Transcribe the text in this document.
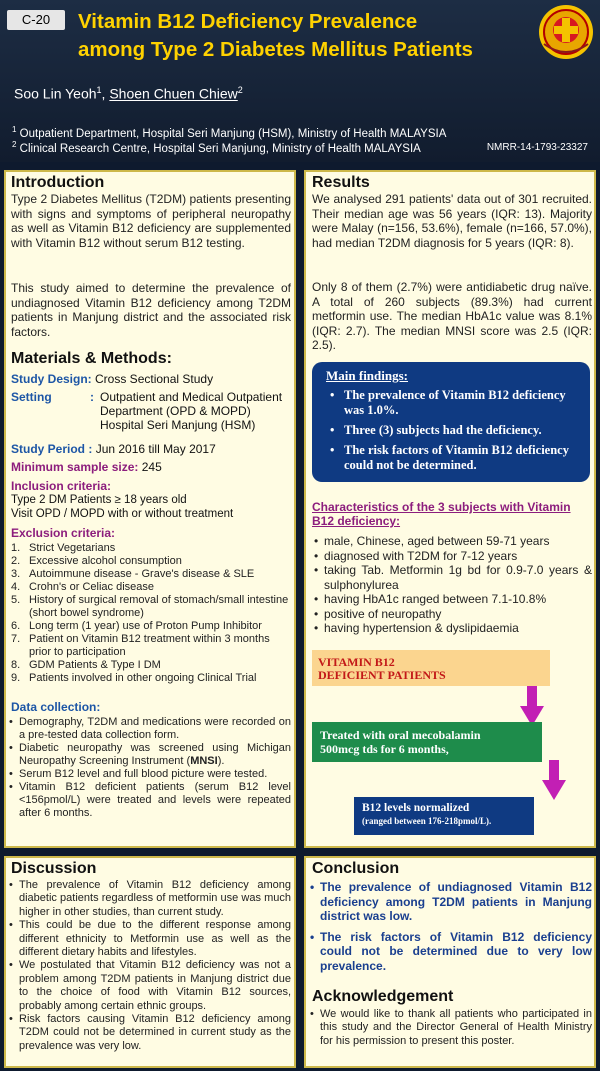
C-20	Vitamin B12 Deficiency Prevalence
among Type 2 Diabetes Mellitus Patients
Soo Lin Yeoh$^1$, Shoen Chuen Chiew$^2$
$^1$ Outpatient Department, Hospital Seri Manjung (HSM), Ministry of Health MALAYSIA
$^2$ Clinical Research Centre, Hospital Seri Manjung, Ministry of Health MALAYSIA	NMRR-14-1793-23327
Introduction
Type 2 Diabetes Mellitus (T2DM) patients presenting with signs and symptoms of peripheral neuropathy as well as Vitamin B12 deficiency are supplemented with Vitamin B12 without serum B12 testing.
This study aimed to determine the prevalence of undiagnosed Vitamin B12 deficiency among T2DM patients in Manjung district and the associated risk factors.
Materials & Methods:
Study Design: Cross Sectional Study
Setting	: Outpatient and Medical Outpatient
Department (OPD & MOPD)
Hospital Seri Manjung (HSM)
Study Period : Jun 2016 till May 2017
Minimum sample size: 245
Inclusion criteria:
Type 2 DM Patients ≥ 18 years old
Visit OPD / MOPD with or without treatment
Exclusion criteria:
1. Strict Vegetarians
2. Excessive alcohol consumption
3. Autoimmune disease - Grave's disease & SLE
4. Crohn's or Celiac disease
5. History of surgical removal of stomach/small intestine (short bowel syndrome)
6. Long term (1 year) use of Proton Pump Inhibitor
7. Patient on Vitamin B12 treatment within 3 months prior to participation
8. GDM Patients & Type I DM
9. Patients involved in other ongoing Clinical Trial
Data collection:
• Demography, T2DM and medications were recorded on a pre-tested data collection form.
• Diabetic neuropathy was screened using Michigan Neuropathy Screening Instrument (MNSI).
• Serum B12 level and full blood picture were tested.
• Vitamin B12 deficient patients (serum B12 level <156pmol/L) were treated and levels were repeated after 6 months.
Results
We analysed 291 patients' data out of 301 recruited. Their median age was 56 years (IQR: 13). Majority were Malay (n=156, 53.6%), female (n=166, 57.0%), had median T2DM diagnosis for 5 years (IQR: 8).
Only 8 of them (2.7%) were antidiabetic drug naïve. A total of 260 subjects (89.3%) had current metformin use. The median HbA1c value was 8.1% (IQR: 2.7). The median MNSI score was 2.5 (IQR: 2.5).
Main findings:
• The prevalence of Vitamin B12 deficiency was 1.0%.
• Three (3) subjects had the deficiency.
• The risk factors of Vitamin B12 deficiency could not be determined.
Characteristics of the 3 subjects with Vitamin B12 deficiency:
• male, Chinese, aged between 59-71 years
• diagnosed with T2DM for 7-12 years
• taking Tab. Metformin 1g bd for 0.9-7.0 years & sulphonylurea
• having HbA1c ranged between 7.1-10.8%
• positive of neuropathy
• having hypertension & dyslipidaemia
VITAMIN B12
DEFICIENT PATIENTS
Treated with oral mecobalamin
500mcg tds for 6 months,
B12 levels normalized
(ranged between 176-218pmol/L).
Discussion
• The prevalence of Vitamin B12 deficiency among diabetic patients regardless of metformin use was much higher in other studies, than current study.
• This could be due to the different response among different ethnicity to Metformin use as well as the different dietary habits and lifestyles.
• We postulated that Vitamin B12 deficiency was not a problem among T2DM patients in Manjung district due to the choice of food with Vitamin B12 sources, probably among certain ethnic groups.
• Risk factors causing Vitamin B12 deficiency among T2DM could not be determined in current study as the prevalence was very low.
Conclusion
• The prevalence of undiagnosed Vitamin B12 deficiency among T2DM patients in Manjung district was low.
• The risk factors of Vitamin B12 deficiency could not be determined due to very low prevalence.
Acknowledgement
• We would like to thank all patients who participated in this study and the Director General of Health Ministry for his permission to present this poster.
